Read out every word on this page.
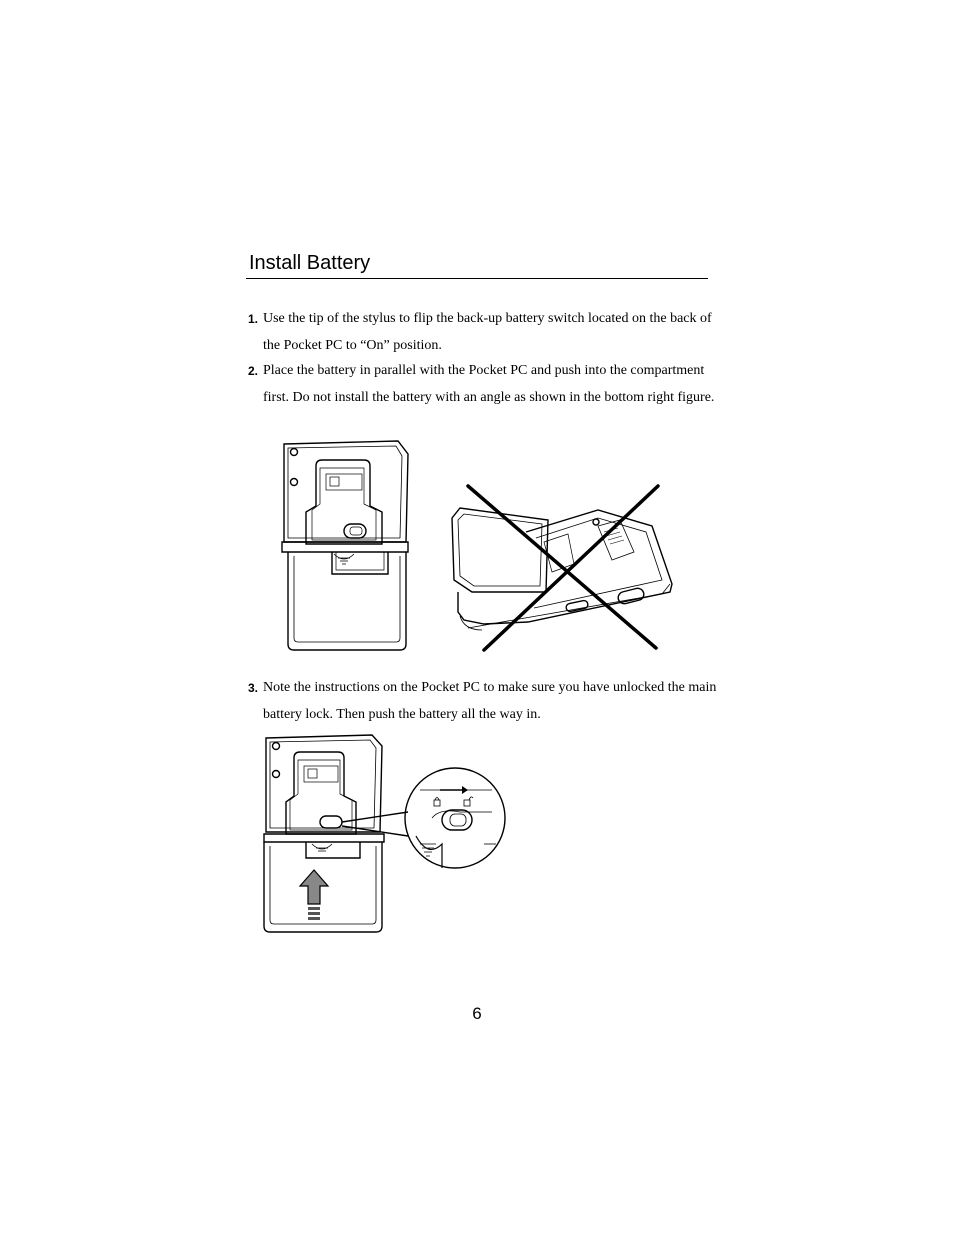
Install Battery
1. Use the tip of the stylus to flip the back-up battery switch located on the back of the Pocket PC to “On” position.
2. Place the battery in parallel with the Pocket PC and push into the compartment first. Do not install the battery with an angle as shown in the bottom right figure.
3. Note the instructions on the Pocket PC to make sure you have unlocked the main battery lock. Then push the battery all the way in.
6
